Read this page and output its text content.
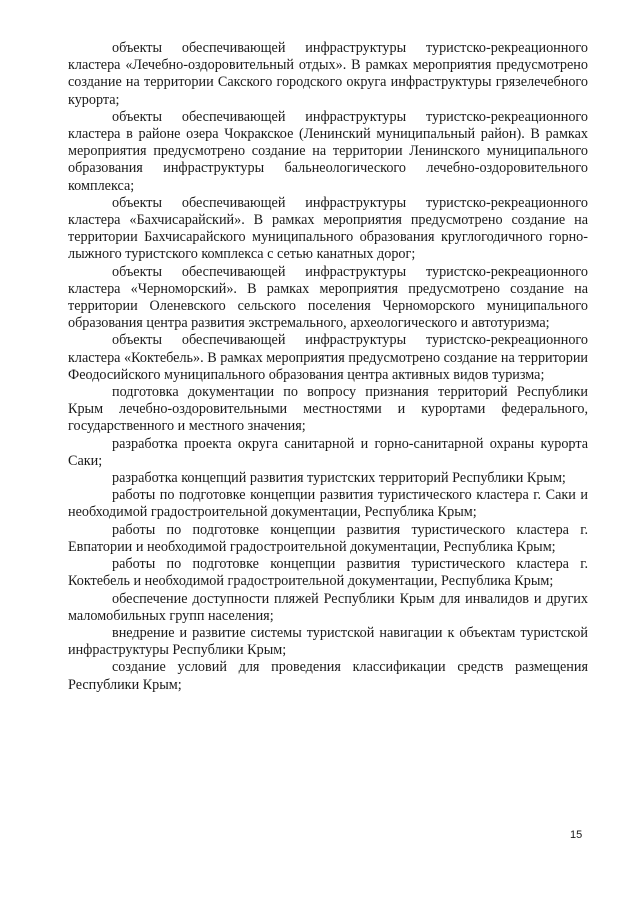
объекты обеспечивающей инфраструктуры туристско-рекреационного кластера «Лечебно-оздоровительный отдых». В рамках мероприятия предусмотрено создание на территории Сакского городского округа инфраструктуры грязелечебного курорта;

объекты обеспечивающей инфраструктуры туристско-рекреационного кластера в районе озера Чокракское (Ленинский муниципальный район). В рамках мероприятия предусмотрено создание на территории Ленинского муниципального образования инфраструктуры бальнеологического лечебно-оздоровительного комплекса;

объекты обеспечивающей инфраструктуры туристско-рекреационного кластера «Бахчисарайский». В рамках мероприятия предусмотрено создание на территории Бахчисарайского муниципального образования круглогодичного горно-лыжного туристского комплекса с сетью канатных дорог;

объекты обеспечивающей инфраструктуры туристско-рекреационного кластера «Черноморский». В рамках мероприятия предусмотрено создание на территории Оленевского сельского поселения Черноморского муниципального образования центра развития экстремального, археологического и автотуризма;

объекты обеспечивающей инфраструктуры туристско-рекреационного кластера «Коктебель». В рамках мероприятия предусмотрено создание на территории Феодосийского муниципального образования центра активных видов туризма;

подготовка документации по вопросу признания территорий Республики Крым лечебно-оздоровительными местностями и курортами федерального, государственного и местного значения;

разработка проекта округа санитарной и горно-санитарной охраны курорта Саки;

разработка концепций развития туристских территорий Республики Крым;

работы по подготовке концепции развития туристического кластера г. Саки и необходимой градостроительной документации, Республика Крым;

работы по подготовке концепции развития туристического кластера г. Евпатории и необходимой градостроительной документации, Республика Крым;

работы по подготовке концепции развития туристического кластера г. Коктебель и необходимой градостроительной документации, Республика Крым;

обеспечение доступности пляжей Республики Крым для инвалидов и других маломобильных групп населения;

внедрение и развитие системы туристской навигации к объектам туристской инфраструктуры Республики Крым;

создание условий для проведения классификации средств размещения Республики Крым;

15
